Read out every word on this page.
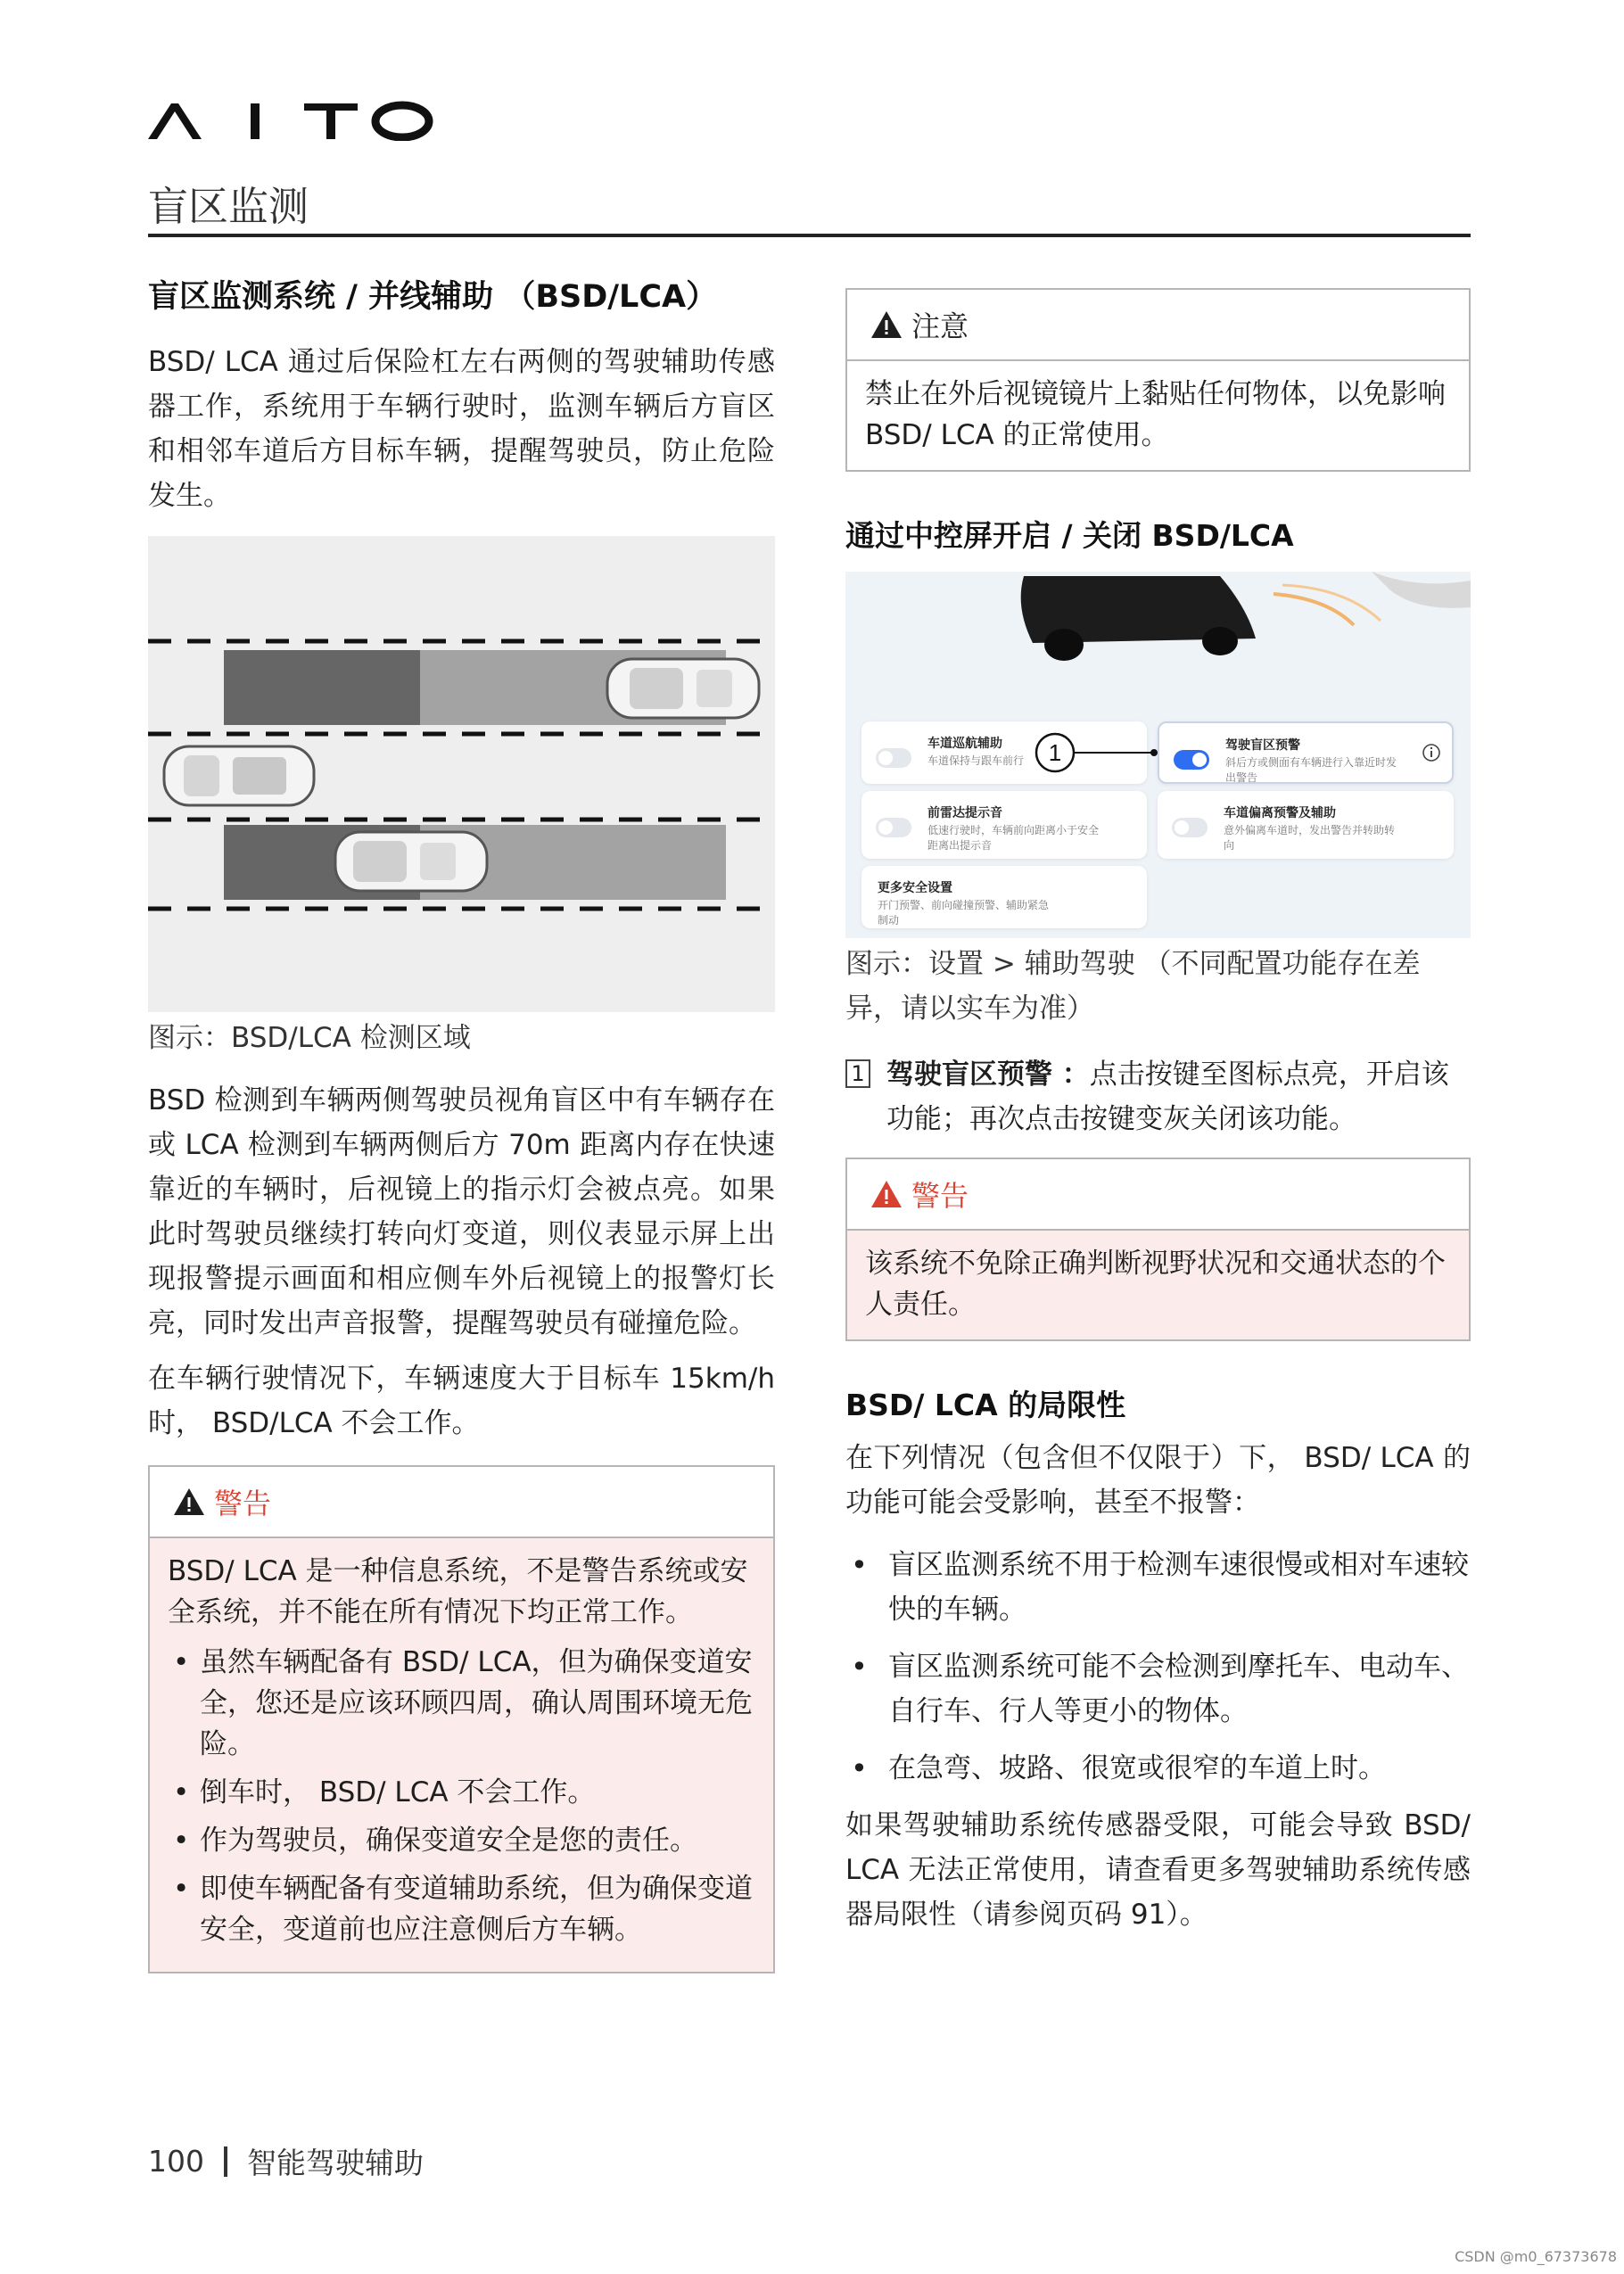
盲区监测
盲区监测系统 / 并线辅助 （BSD/LCA）

BSD/ LCA 通过后保险杠左右两侧的驾驶辅助传感器工作，系统用于车辆行驶时，监测车辆后方盲区和相邻车道后方目标车辆，提醒驾驶员，防止危险发生。

图示：BSD/LCA 检测区域

BSD 检测到车辆两侧驾驶员视角盲区中有车辆存在或 LCA 检测到车辆两侧后方 70m 距离内存在快速靠近的车辆时，后视镜上的指示灯会被点亮。如果此时驾驶员继续打转向灯变道，则仪表显示屏上出现报警提示画面和相应侧车外后视镜上的报警灯长亮，同时发出声音报警，提醒驾驶员有碰撞危险。

在车辆行驶情况下，车辆速度大于目标车 15km/h 时， BSD/LCA 不会工作。

警告
BSD/ LCA 是一种信息系统，不是警告系统或安全系统，并不能在所有情况下均正常工作。
• 虽然车辆配备有 BSD/ LCA，但为确保变道安全，您还是应该环顾四周，确认周围环境无危险。
• 倒车时， BSD/ LCA 不会工作。
• 作为驾驶员，确保变道安全是您的责任。
• 即使车辆配备有变道辅助系统，但为确保变道安全，变道前也应注意侧后方车辆。
注意
禁止在外后视镜镜片上黏贴任何物体，以免影响 BSD/ LCA 的正常使用。
通过中控屏开启 / 关闭 BSD/LCA
车道巡航辅助
车道保持与跟车前行
驾驶盲区预警
斜后方或侧面有车辆进行入靠近时发出警告
前雷达提示音
低速行驶时，车辆前向距离小于安全距离出提示音
车道偏离预警及辅助
意外偏离车道时，发出警告并转助转向
更多安全设置
开门预警、前向碰撞预警、辅助紧急制动
1
图示：设置 > 辅助驾驶 （不同配置功能存在差异，请以实车为准）
1 驾驶盲区预警 ：点击按键至图标点亮，开启该功能；再次点击按键变灰关闭该功能。
警告
该系统不免除正确判断视野状况和交通状态的个人责任。
BSD/ LCA 的局限性

在下列情况（包含但不仅限于）下， BSD/ LCA 的功能可能会受影响，甚至不报警：

• 盲区监测系统不用于检测车速很慢或相对车速较快的车辆。
• 盲区监测系统可能不会检测到摩托车、电动车、自行车、行人等更小的物体。
• 在急弯、坡路、很宽或很窄的车道上时。

如果驾驶辅助系统传感器受限，可能会导致 BSD/ LCA 无法正常使用，请查看更多驾驶辅助系统传感器局限性（请参阅页码 91）。

100 智能驾驶辅助
CSDN @m0_67373678
